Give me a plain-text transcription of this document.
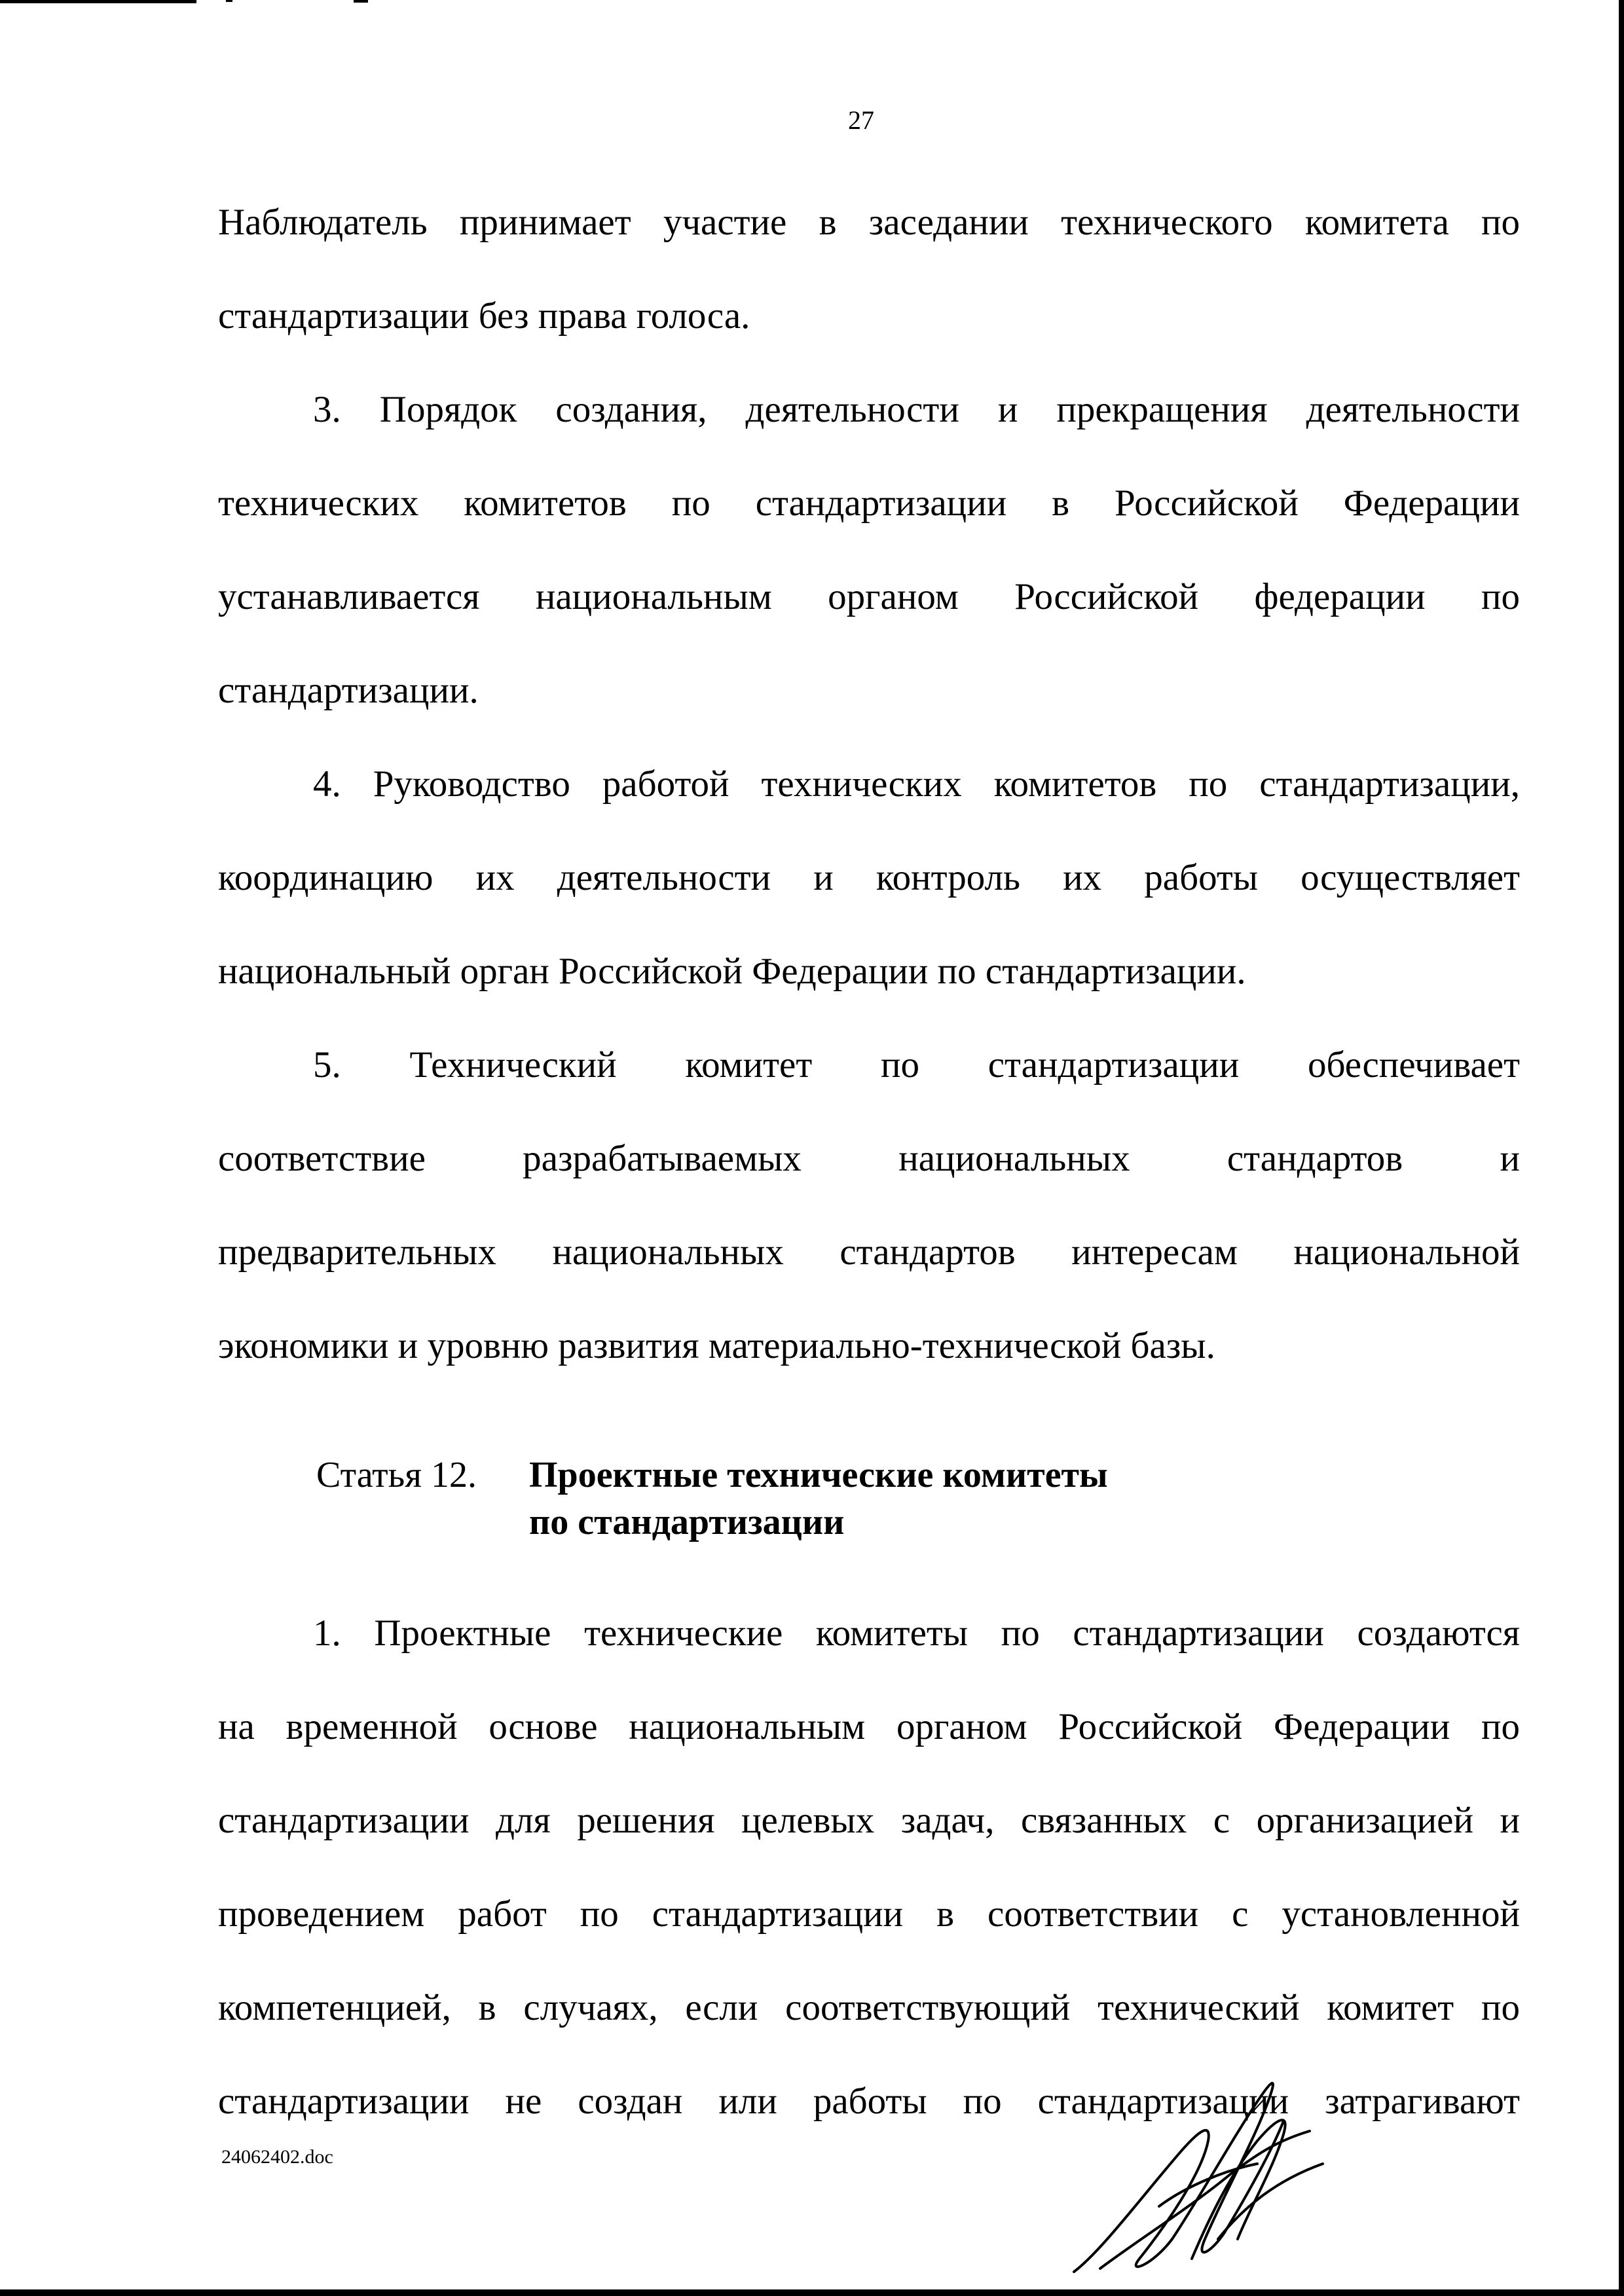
27
Наблюдатель принимает участие в заседании технического комитета по
стандартизации без права голоса.
3. Порядок создания, деятельности и прекращения деятельности
технических комитетов по стандартизации в Российской Федерации
устанавливается национальным органом Российской федерации по
стандартизации.
4. Руководство работой технических комитетов по стандартизации,
координацию их деятельности и контроль их работы осуществляет
национальный орган Российской Федерации по стандартизации.
5. Технический комитет по стандартизации обеспечивает
соответствие разрабатываемых национальных стандартов и
предварительных национальных стандартов интересам национальной
экономики и уровню развития материально-технической базы.
Статья 12. Проектные технические комитеты
по стандартизации
1. Проектные технические комитеты по стандартизации создаются
на временной основе национальным органом Российской Федерации по
стандартизации для решения целевых задач, связанных с организацией и
проведением работ по стандартизации в соответствии с установленной
компетенцией, в случаях, если соответствующий технический комитет по
стандартизации не создан или работы по стандартизации затрагивают
24062402.doc
